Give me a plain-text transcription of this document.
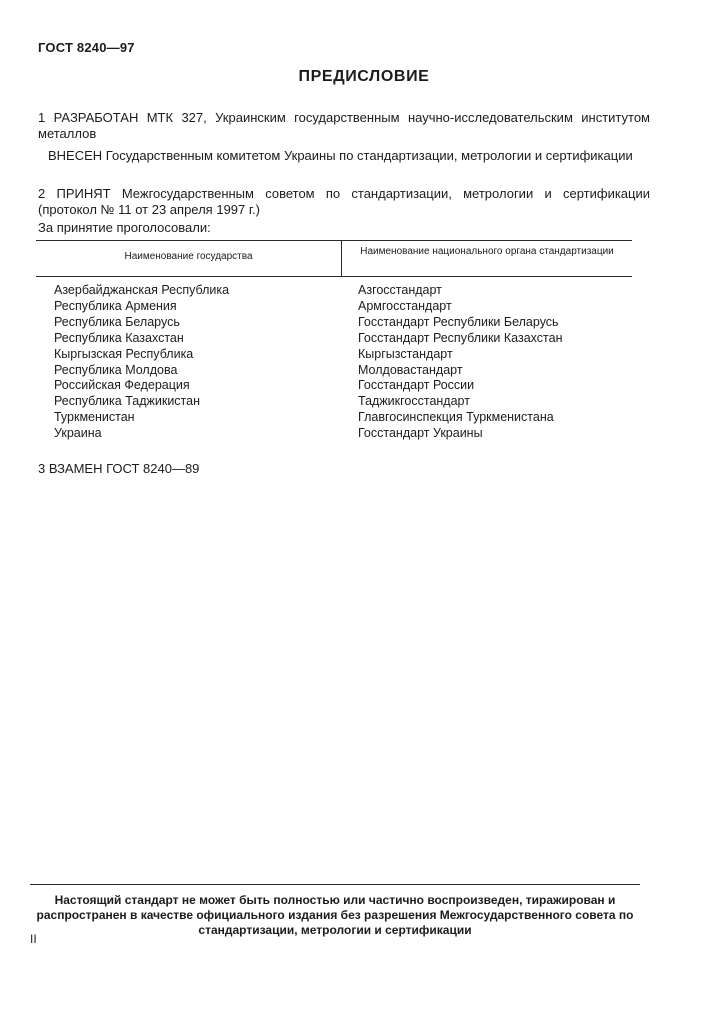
ГОСТ 8240—97
ПРЕДИСЛОВИЕ
1 РАЗРАБОТАН МТК 327, Украинским государственным научно-исследовательским институтом металлов
ВНЕСЕН Государственным комитетом Украины по стандартизации, метрологии и сертификации
2 ПРИНЯТ Межгосударственным советом по стандартизации, метрологии и сертификации (протокол № 11 от 23 апреля 1997 г.)
За принятие проголосовали:
Наименование государства	Наименование национального органа стандартизации
Азербайджанская Республика
Республика Армения
Республика Беларусь
Республика Казахстан
Кыргызская Республика
Республика Молдова
Российская Федерация
Республика Таджикистан
Туркменистан
Украина
Азгосстандарт
Армгосстандарт
Госстандарт Республики Беларусь
Госстандарт Республики Казахстан
Кыргызстандарт
Молдовастандарт
Госстандарт России
Таджикгосстандарт
Главгосинспекция Туркменистана
Госстандарт Украины
3 ВЗАМЕН ГОСТ 8240—89
Настоящий стандарт не может быть полностью или частично воспроизведен, тиражирован и распространен в качестве официального издания без разрешения Межгосударственного совета по стандартизации, метрологии и сертификации
II
